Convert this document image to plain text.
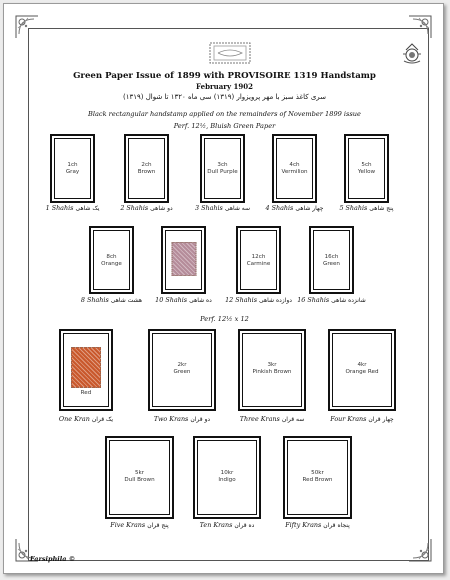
Green Paper Issue of 1899 with PROVISOIRE 1319 Handstamp
February 1902
سری کاغذ سبز با مهر پرویزوار (۱۳۱۹) سی ماه ۱۳۲۰ تا شوال (۱۳۱۹)
Black rectangular handstamp applied on the remainders of November 1899 issue
Perf. 12½, Bluish Green Paper
Perf. 12½ x 12
1ch
Gray
1 Shahis یک شاهی
2ch
Brown
2 Shahis دو شاهی
3ch
Dull Purple
3 Shahis سه شاهی
4ch
Vermilion
4 Shahis چهار شاهی
5ch
Yellow
5 Shahis پنج شاهی
8ch
Orange
8 Shahis هشت شاهی	10 Shahis ده شاهی
12ch
Carmine
12 Shahis دوازده شاهی
16ch
Green
16 Shahis شانزده شاهی
Red
One Kran یک قران
2kr
Green
Two Krans دو قران
3kr
Pinkish Brown
Three Krans سه قران
4kr
Orange Red
Four Krans چهار قران
5kr
Dull Brown
Five Krans پنج قران
10kr
Indigo
Ten Krans ده قران
50kr
Red Brown
Fifty Krans پنجاه قران
Farsiphila ©
